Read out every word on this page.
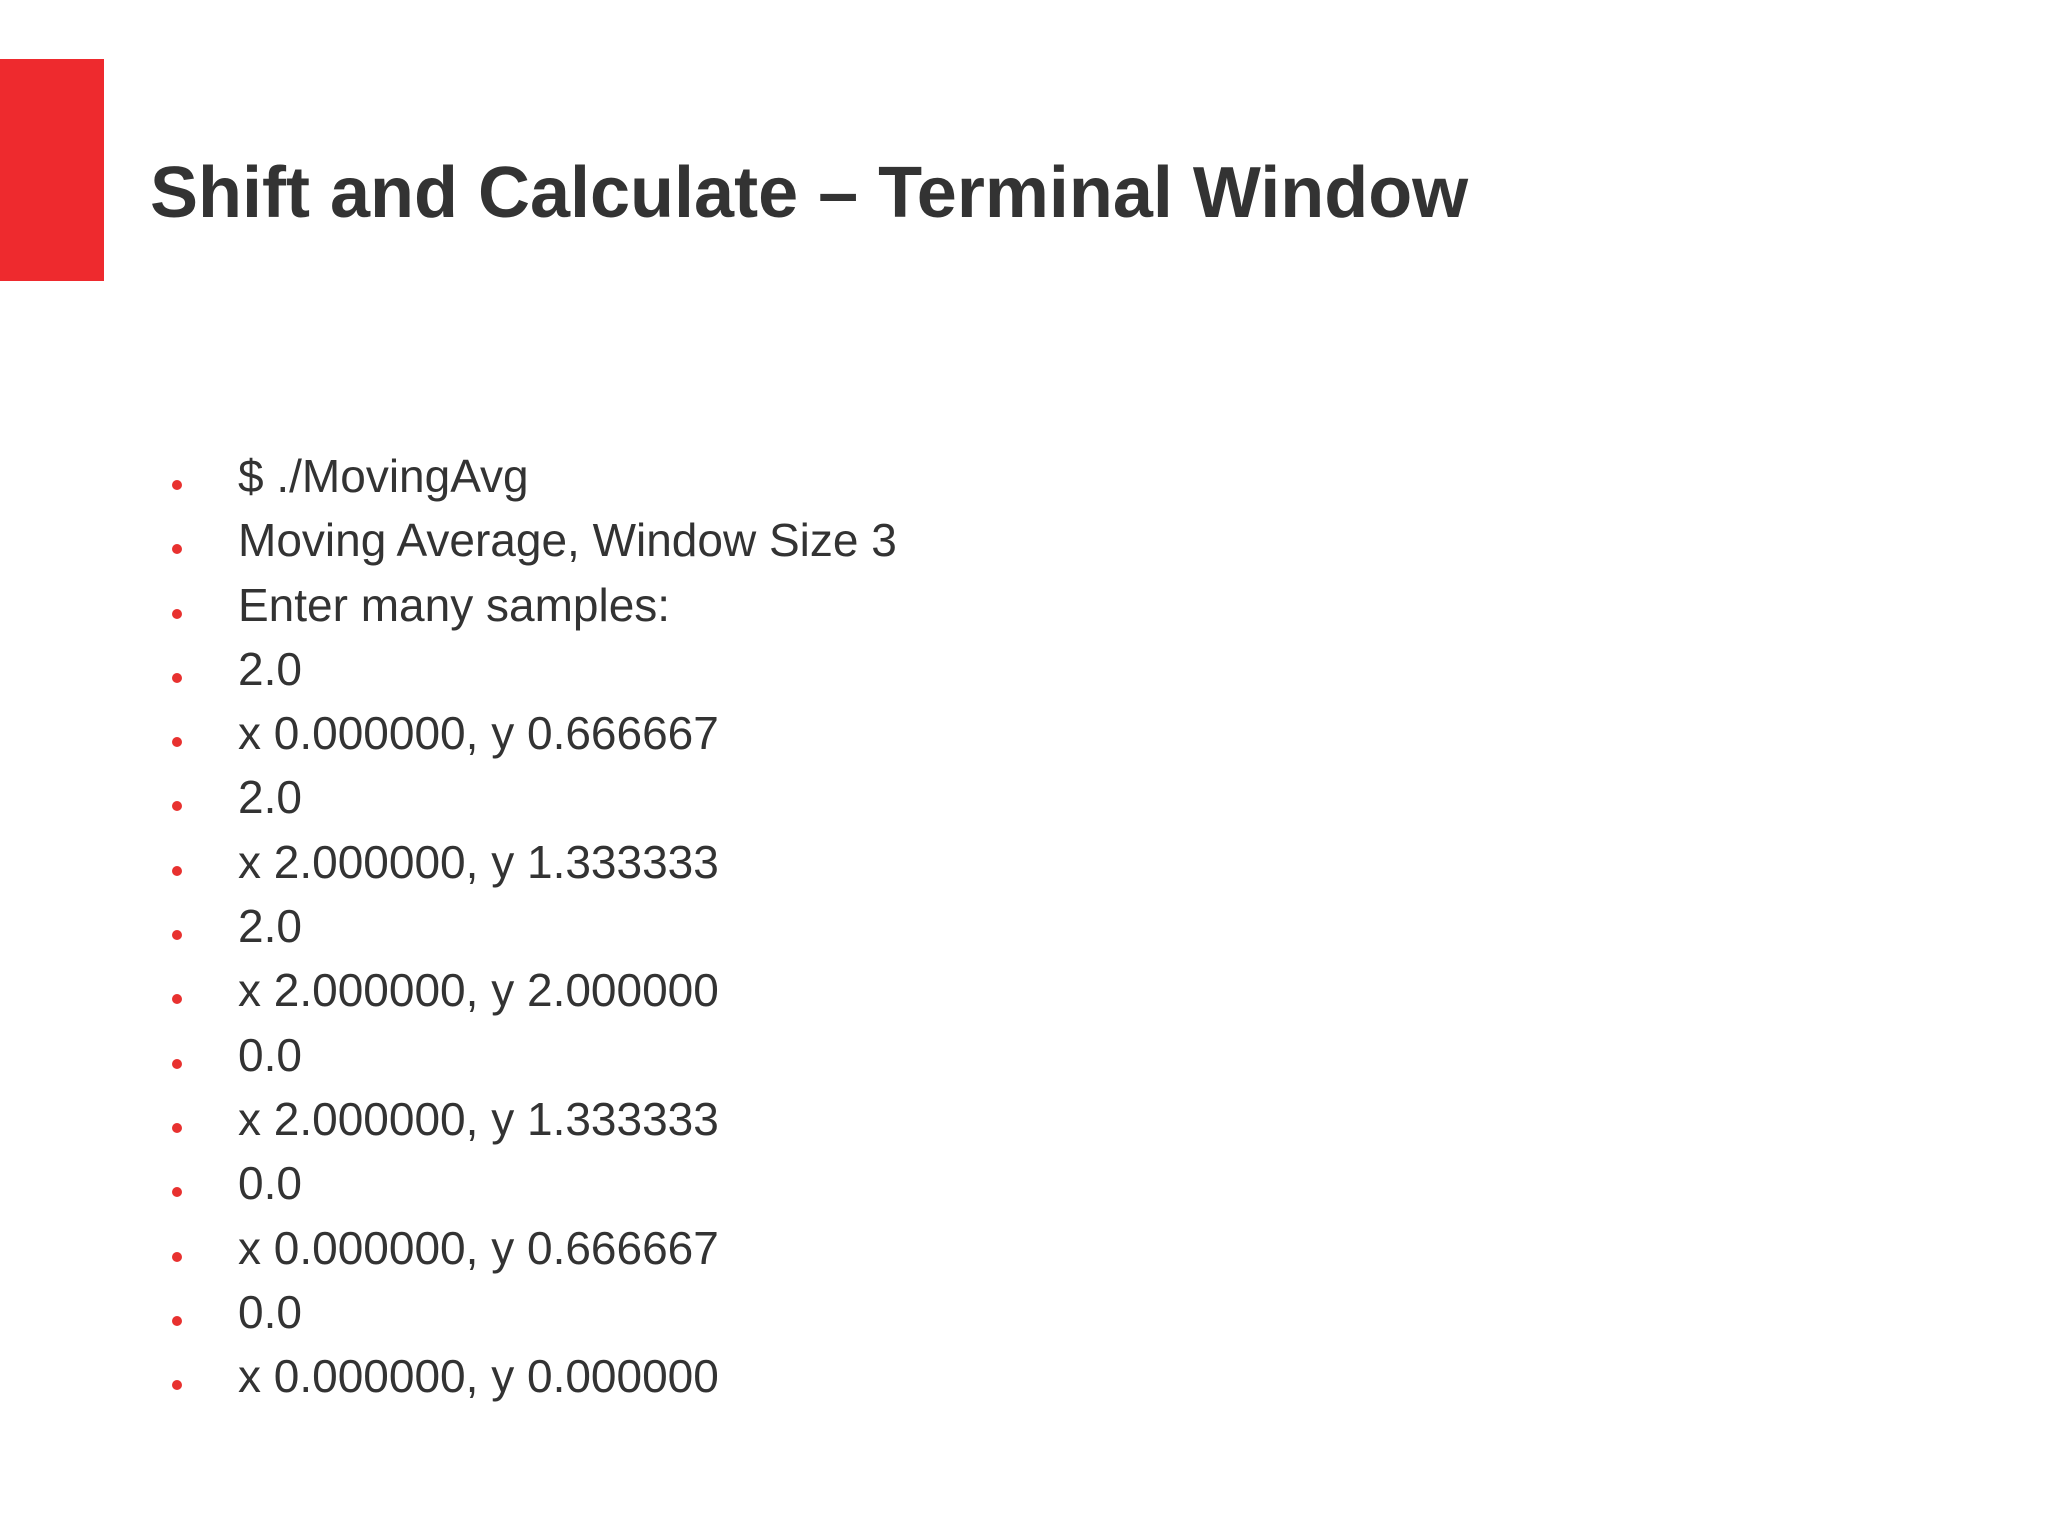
Shift and Calculate – Terminal Window
$ ./MovingAvg
Moving Average, Window Size 3
Enter many samples:
2.0
x 0.000000, y 0.666667
2.0
x 2.000000, y 1.333333
2.0
x 2.000000, y 2.000000
0.0
x 2.000000, y 1.333333
0.0
x 0.000000, y 0.666667
0.0
x 0.000000, y 0.000000
